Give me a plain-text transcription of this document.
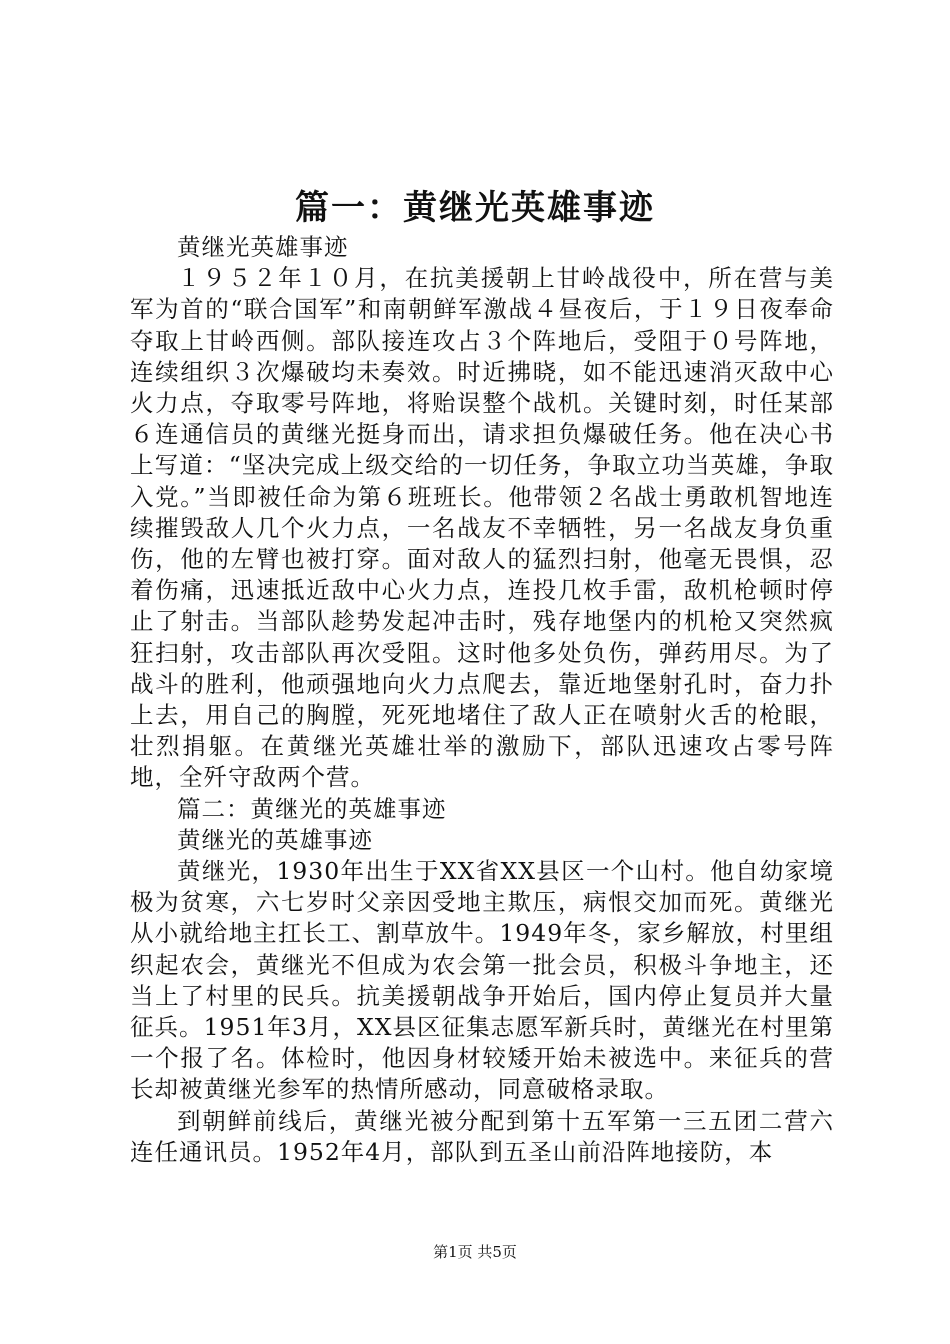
篇一：黄继光英雄事迹

黄继光英雄事迹

１９５２年１０月，在抗美援朝上甘岭战役中，所在营与美军为首的“联合国军”和南朝鲜军激战４昼夜后，于１９日夜奉命夺取上甘岭西侧。部队接连攻占３个阵地后，受阻于０号阵地，连续组织３次爆破均未奏效。时近拂晓，如不能迅速消灭敌中心火力点，夺取零号阵地，将贻误整个战机。关键时刻，时任某部６连通信员的黄继光挺身而出，请求担负爆破任务。他在决心书上写道：“坚决完成上级交给的一切任务，争取立功当英雄，争取入党。”当即被任命为第６班班长。他带领２名战士勇敢机智地连续摧毁敌人几个火力点，一名战友不幸牺牲，另一名战友身负重伤，他的左臂也被打穿。面对敌人的猛烈扫射，他毫无畏惧，忍着伤痛，迅速抵近敌中心火力点，连投几枚手雷，敌机枪顿时停止了射击。当部队趁势发起冲击时，残存地堡内的机枪又突然疯狂扫射，攻击部队再次受阻。这时他多处负伤，弹药用尽。为了战斗的胜利，他顽强地向火力点爬去，靠近地堡射孔时，奋力扑上去，用自己的胸膛，死死地堵住了敌人正在喷射火舌的枪眼，壮烈捐躯。在黄继光英雄壮举的激励下，部队迅速攻占零号阵地，全歼守敌两个营。

篇二：黄继光的英雄事迹

黄继光的英雄事迹

黄继光，1930年出生于XX省XX县区一个山村。他自幼家境极为贫寒，六七岁时父亲因受地主欺压，病恨交加而死。黄继光从小就给地主扛长工、割草放牛。1949年冬，家乡解放，村里组织起农会，黄继光不但成为农会第一批会员，积极斗争地主，还当上了村里的民兵。抗美援朝战争开始后，国内停止复员并大量征兵。1951年3月，XX县区征集志愿军新兵时，黄继光在村里第一个报了名。体检时，他因身材较矮开始未被选中。来征兵的营长却被黄继光参军的热情所感动，同意破格录取。

到朝鲜前线后，黄继光被分配到第十五军第一三五团二营六连任通讯员。1952年4月，部队到五圣山前沿阵地接防，本

第1页 共5页
